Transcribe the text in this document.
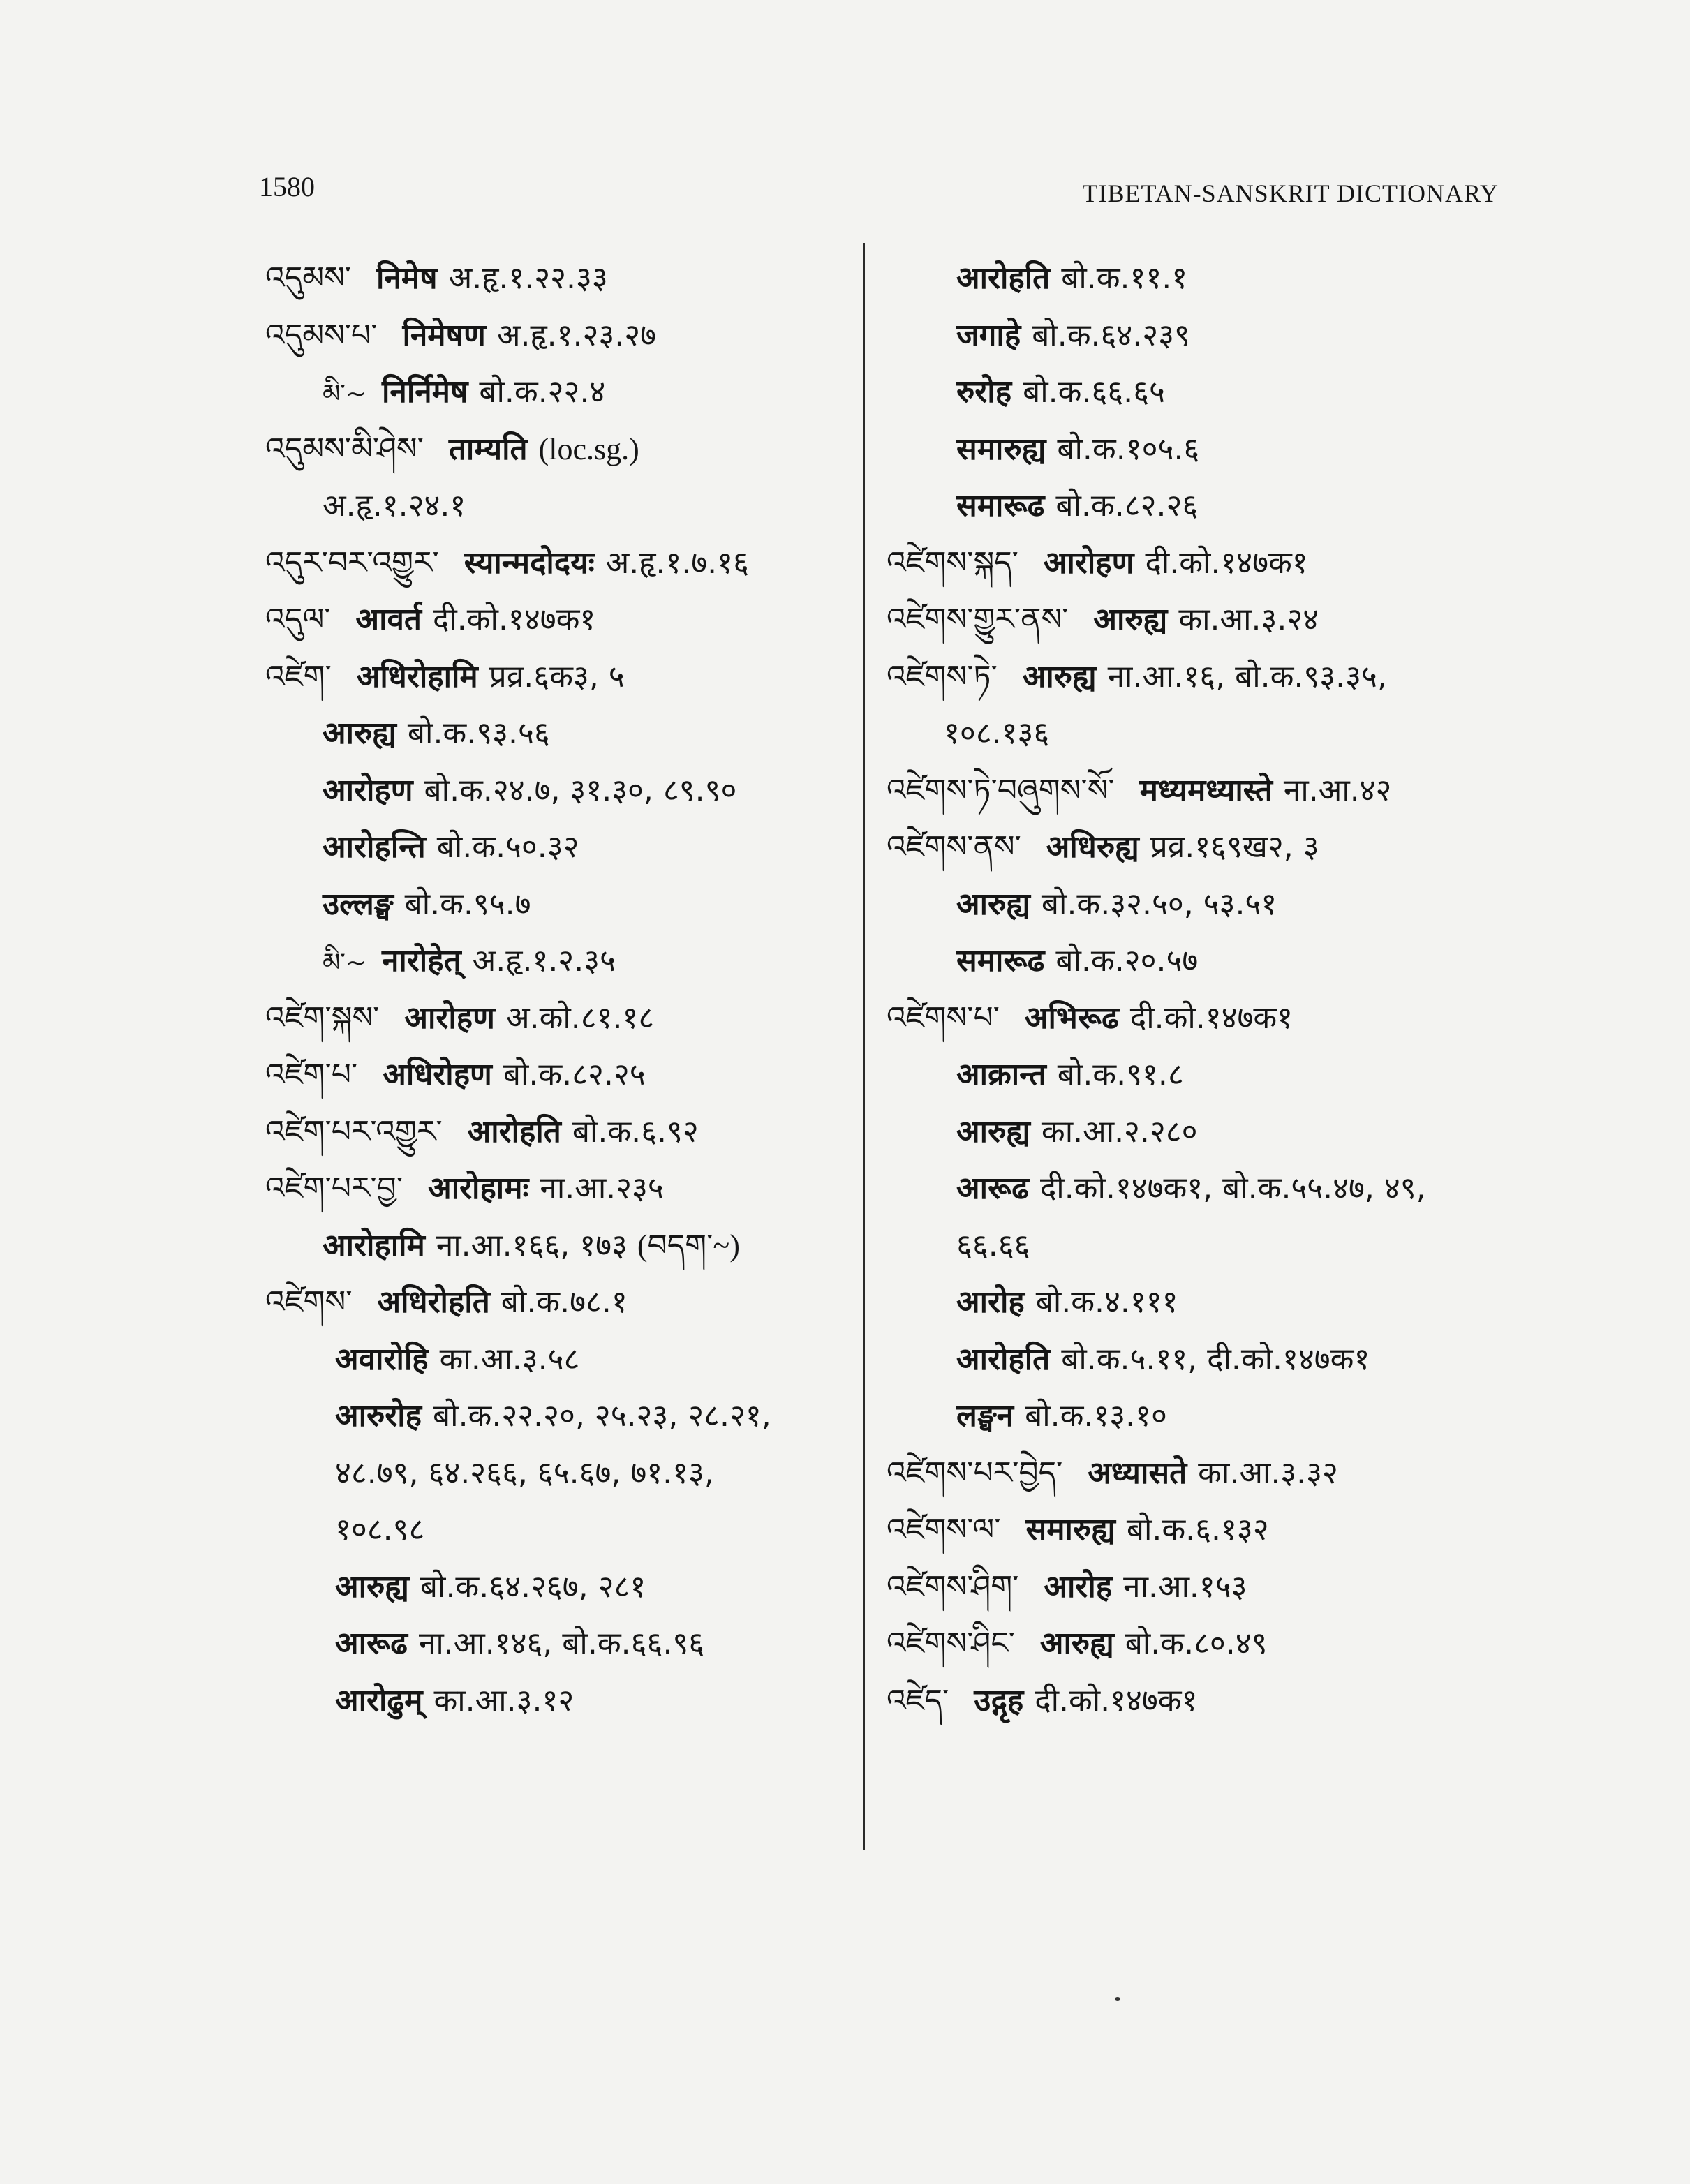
1580	TIBETAN-SANSKRIT DICTIONARY
འདུམས་ निमेष अ.हृ.१.२२.३३
འདུམས་པ་ निमेषण अ.हृ.१.२३.२७
མི་~ निर्निमेष बो.क.२२.४
འདུམས་མི་ཤེས་ ताम्यति (loc.sg.)
अ.हृ.१.२४.१
འདུར་བར་འགྱུར་ स्यान्मदोदयः अ.हृ.१.७.१६
འདུལ་ आवर्त दी.को.१४७क१
འཛེག་ अधिरोहामि प्रव्र.६क३, ५
आरुह्य बो.क.९३.५६
आरोहण बो.क.२४.७, ३१.३०, ८९.९०
आरोहन्ति बो.क.५०.३२
उल्लङ्घ बो.क.९५.७
མི་~ नारोहेत् अ.हृ.१.२.३५
འཛེག་སྐས་ आरोहण अ.को.८१.१८
འཛེག་པ་ अधिरोहण बो.क.८२.२५
འཛེག་པར་འགྱུར་ आरोहति बो.क.६.९२
འཛེག་པར་བྱ་ आरोहामः ना.आ.२३५
आरोहामि ना.आ.१६६, १७३ (བདག་~)
འཛེགས་ अधिरोहति बो.क.७८.१
अवारोहि का.आ.३.५८
आरुरोह बो.क.२२.२०, २५.२३, २८.२१,
४८.७९, ६४.२६६, ६५.६७, ७१.१३,
१०८.९८
आरुह्य बो.क.६४.२६७, २८१
आरूढ ना.आ.१४६, बो.क.६६.९६
आरोढुम् का.आ.३.१२
आरोहति बो.क.११.१
जगाहे बो.क.६४.२३९
रुरोह बो.क.६६.६५
समारुह्य बो.क.१०५.६
समारूढ बो.क.८२.२६
འཛེགས་སྐད་ आरोहण दी.को.१४७क१
འཛེགས་གྱུར་ནས་ आरुह्य का.आ.३.२४
འཛེགས་ཏེ་ आरुह्य ना.आ.१६, बो.क.९३.३५,
१०८.१३६
འཛེགས་ཏེ་བཞུགས་སོ་ मध्यमध्यास्ते ना.आ.४२
འཛེགས་ནས་ अधिरुह्य प्रव्र.१६९ख२, ३
आरुह्य बो.क.३२.५०, ५३.५१
समारूढ बो.क.२०.५७
འཛེགས་པ་ अभिरूढ दी.को.१४७क१
आक्रान्त बो.क.९१.८
आरुह्य का.आ.२.२८०
आरूढ दी.को.१४७क१, बो.क.५५.४७, ४९,
६६.६६
आरोह बो.क.४.१११
आरोहति बो.क.५.११, दी.को.१४७क१
लङ्घन बो.क.१३.१०
འཛེགས་པར་བྱེད་ अध्यासते का.आ.३.३२
འཛེགས་ལ་ समारुह्य बो.क.६.१३२
འཛེགས་ཤིག་ आरोह ना.आ.१५३
འཛེགས་ཤིང་ आरुह्य बो.क.८०.४९
འཛེད་ उद्गृह दी.को.१४७क१
